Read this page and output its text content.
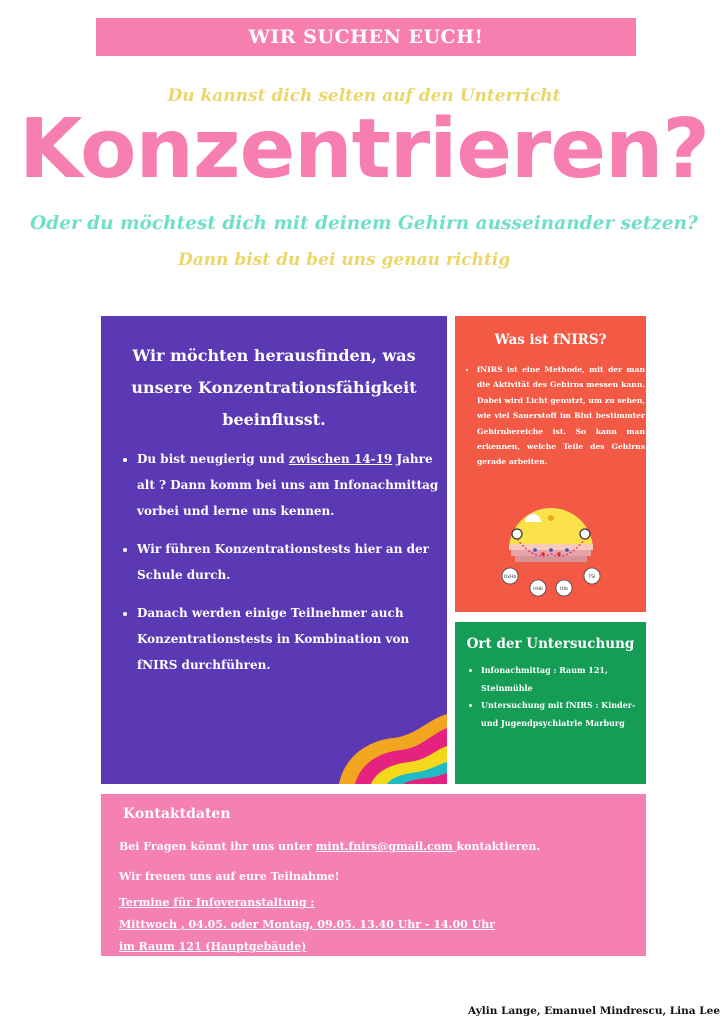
WIR SUCHEN EUCH!
Du kannst dich selten auf den Unterricht
Konzentrieren?
Oder du möchtest dich mit deinem Gehirn ausseinander setzen?
Dann bist du bei uns genau richtig
Wir möchten herausfinden, was unsere Konzentrationsfähigkeit beeinflusst.
• Du bist neugierig und zwischen 14-19 Jahre alt ? Dann komm bei uns am Infonachmittag vorbei und lerne uns kennen.
• Wir führen Konzentrationstests hier an der Schule durch.
• Danach werden einige Teilnehmer auch Konzentrationstests in Kombination von fNIRS durchführen.
Was ist fNIRS?
• fNIRS ist eine Methode, mit der man die Aktivität des Gehirns messen kann. Dabei wird Licht genutzt, um zu sehen, wie viel Sauerstoff im Blut bestimmter Gehirnbereiche ist. So kann man erkennen, welche Teile des Gehirns gerade arbeiten.
OxHb
HHb	tHb
TSI
Ort der Untersuchung
• Infonachmittag : Raum 121, Steinmühle
• Untersuchung mit fNIRS : Kinder- und Jugendpsychiatrie Marburg
Kontaktdaten
Bei Fragen könnt ihr uns unter mint.fnirs@gmail.com kontaktieren.
Wir freuen uns auf eure Teilnahme!
Termine für Infoveranstaltung :
Mittwoch , 04.05. oder Montag, 09.05. 13.40 Uhr - 14.00 Uhr
im Raum 121 (Hauptgebäude)
Aylin Lange, Emanuel Mindrescu, Lina Lee
